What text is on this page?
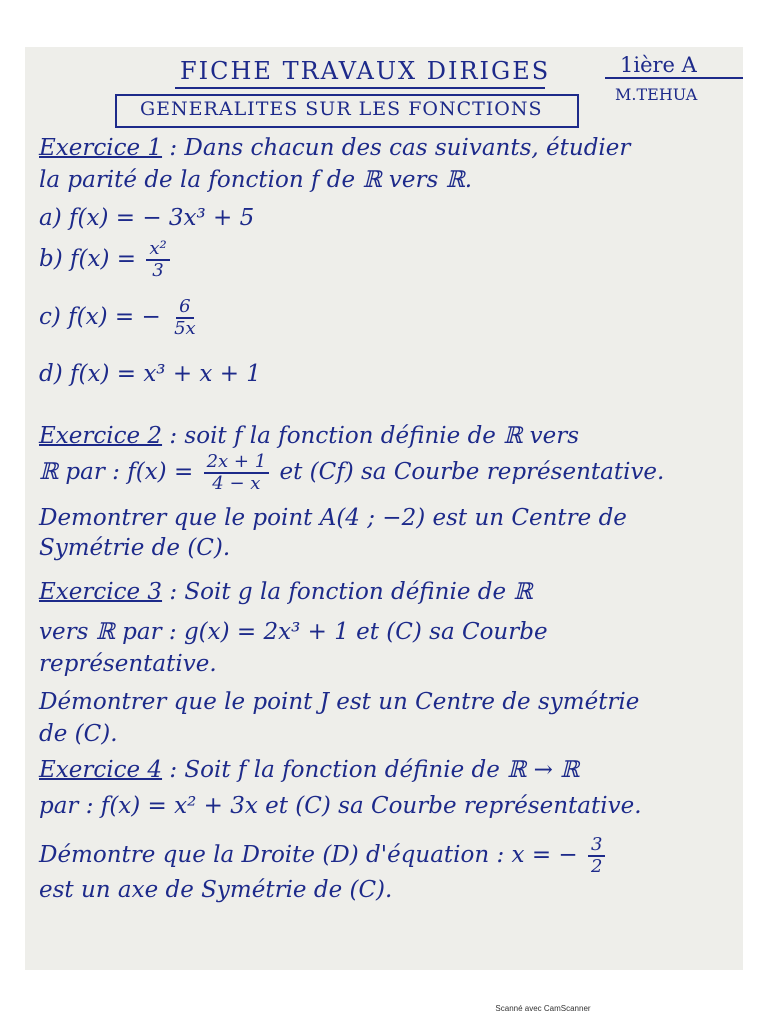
FICHE TRAVAUX DIRIGES	1ière A
M.TEHUA
GENERALITES SUR LES FONCTIONS
Exercice 1 : Dans chacun des cas suivants, étudier
la parité de la fonction f de ℝ vers ℝ.
a) f(x) = − 3x³ + 5
b) $f(x) = \frac{\text{x²}}{3}$
c) f(x) = − $\frac{6}{5x}$
d) f(x) = x³ + x + 1
Exercice 2 : soit f la fonction définie de ℝ vers
ℝ par : $f(x) = \frac{2x + 1}{4 - x}$ et (Cf) sa Courbe représentative.
Demontrer que le point A(4 ; −2) est un Centre de
Symétrie de (C).
Exercice 3 : Soit g la fonction définie de ℝ
vers ℝ par : g(x) = 2x³ + 1 et (C) sa Courbe
représentative.
Démontrer que le point J est un Centre de symétrie
de (C).
Exercice 4 : Soit f la fonction définie de ℝ → ℝ
par : f(x) = x² + 3x et (C) sa Courbe représentative.
Démontre que la Droite (D) d'équation : x = − $\frac{3}{2}$
est un axe de Symétrie de (C).
Scanné avec CamScanner
